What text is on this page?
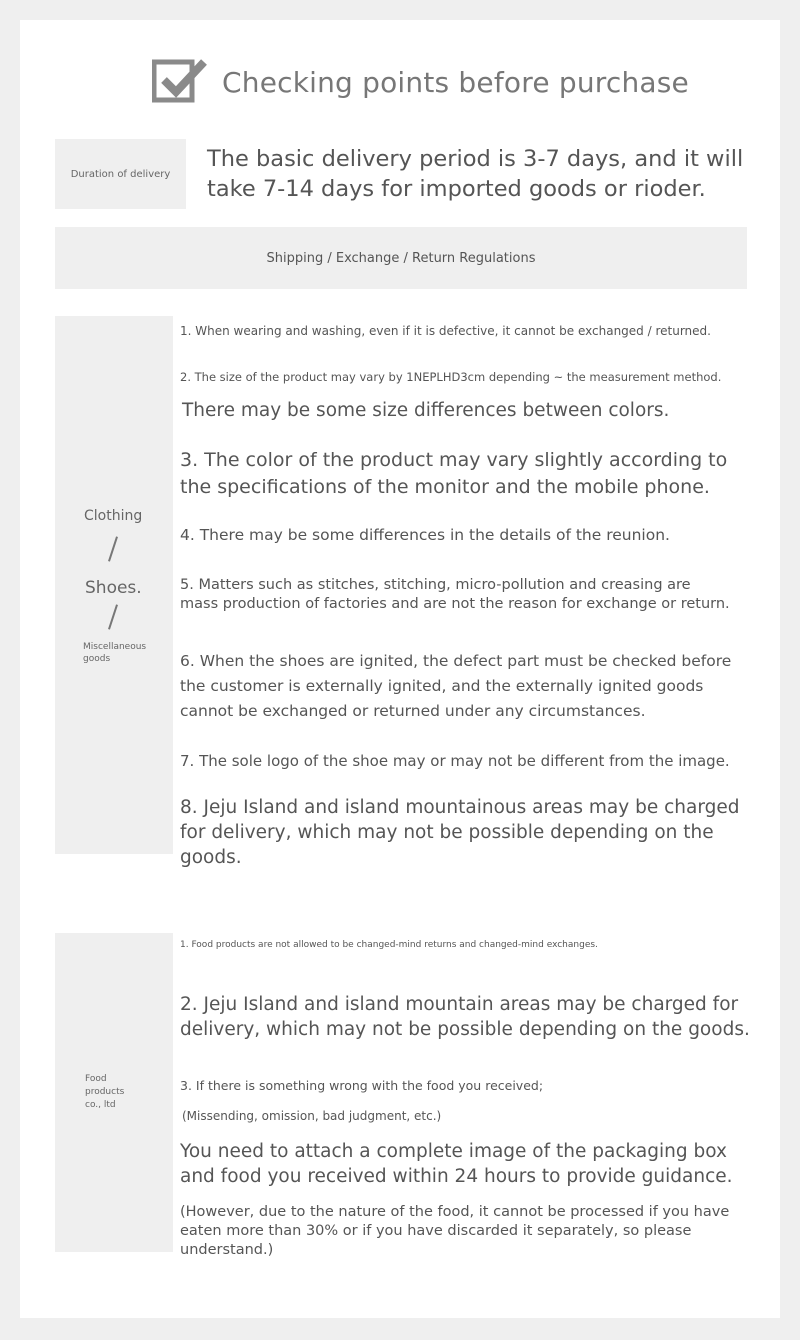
Checking points before purchase
Duration of delivery
The basic delivery period is 3-7 days, and it will take 7-14 days for imported goods or rioder.
Shipping / Exchange / Return Regulations
Clothing
Shoes.
Miscellaneous goods
1. When wearing and washing, even if it is defective, it cannot be exchanged / returned.
2. The size of the product may vary by 1NEPLHD3cm depending ~ the measurement method.
There may be some size differences between colors.
3. The color of the product may vary slightly according to the specifications of the monitor and the mobile phone.
4. There may be some differences in the details of the reunion.
5. Matters such as stitches, stitching, micro-pollution and creasing are mass production of factories and are not the reason for exchange or return.
6. When the shoes are ignited, the defect part must be checked before the customer is externally ignited, and the externally ignited goods cannot be exchanged or returned under any circumstances.
7. The sole logo of the shoe may or may not be different from the image.
8. Jeju Island and island mountainous areas may be charged for delivery, which may not be possible depending on the goods.
Food products co., ltd
1. Food products are not allowed to be changed-mind returns and changed-mind exchanges.
2. Jeju Island and island mountain areas may be charged for delivery, which may not be possible depending on the goods.
3. If there is something wrong with the food you received;
(Missending, omission, bad judgment, etc.)
You need to attach a complete image of the packaging box and food you received within 24 hours to provide guidance.
(However, due to the nature of the food, it cannot be processed if you have eaten more than 30% or if you have discarded it separately, so please understand.)
